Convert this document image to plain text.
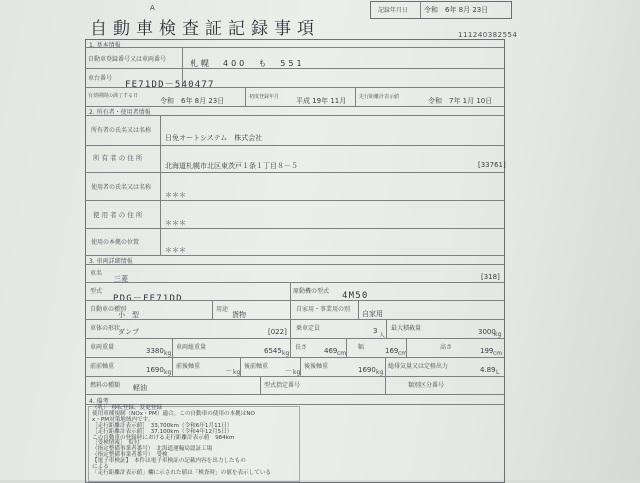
A
自動車検査証記録事項
記録年月日 令和　6年 8月 23日
111240382554
1. 基本情報
自動車登録番号又は車両番号	札幌　400　も　551
車台番号
FE71DD－540477
有効期間の満了する日
令和　6年 8月 23日	初度登録年月 平成 19年 11月	走行距離計表示値	令和　7年 1月 10日
2. 所有者・使用者情報
所有者の氏名又は名称
日免オートシステム　株式会社
所 有 者 の 住 所
北海道札幌市北区東茨戸１条１丁目８－５	[33761]
使用者の氏名又は名称
＊＊＊
使 用 者 の 住 所
＊＊＊
使用の本拠の位置
＊＊＊
3. 車両詳細情報
車名
三菱	[318]
型式
PDG－FE71DD
原動機の型式 4M50
自動車の種別
小　型
用途
貨物
自家用・事業用の別
自家用
車体の形状
ダンプ	[022] 乗車定員	3
人
最大積載量	3000
kg
車両重量	3380 kg
車両総重量	6545 kg
長さ 469 cm
幅	169 cm
高さ	199 cm
前前軸重	1690 kg
前後軸重
－ kg
後前軸重
－ kg
後後軸重	1690 kg
総排気量又は定格出力	4.89 L
燃料の種類 軽油	型式指定番号	類別区分番号
4. 備考
（乳）　移転登録、変更登録
使用車種規制（NOx・PM）適合。この自動車の使用の本拠はNO
x・PM対策地域内です。
［走行距離計表示値］　33,700km（令和6年1月11日）
［走行距離計表示値］　37,100km（令和4年12月5日）
この自動車の登録時における走行距離計表示値　984km
［受検情報］　仮付
（指定整備事業者番号）　北海道運輸局認証工場
（指定整備事業者番号）　受検
【電子車検証】　本件は電子車検証の記載内容を出力したもの
による
「走行距離計表示値」欄に示された値は「検査時」の値を表示している
